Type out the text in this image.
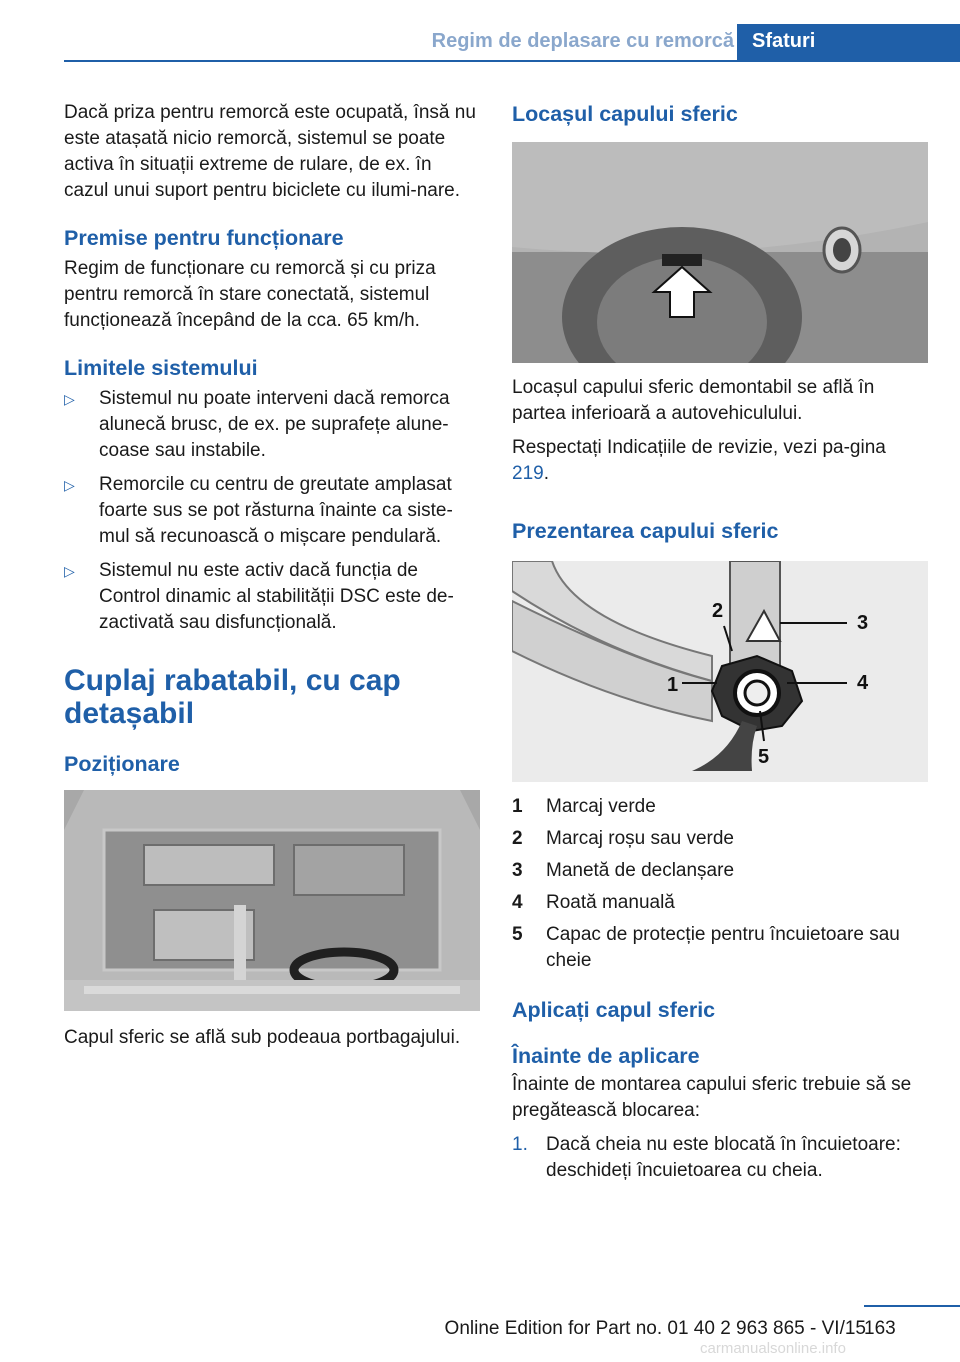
Regim de deplasare cu remorcă Sfaturi

Dacă priza pentru remorcă este ocupată, însă nu este atașată nicio remorcă, sistemul se poate activa în situații extreme de rulare, de ex. în cazul unui suport pentru biciclete cu ilumi‐nare.

Premise pentru funcționare

Regim de funcționare cu remorcă și cu priza pentru remorcă în stare conectată, sistemul funcționează începând de la cca. 65 km/h.

Limitele sistemului
▷ Sistemul nu poate interveni dacă remorca alunecă brusc, de ex. pe suprafețe alune‐coase sau instabile.
▷ Remorcile cu centru de greutate amplasat foarte sus se pot răsturna înainte ca siste‐mul să recunoască o mișcare pendulară.
▷ Sistemul nu este activ dacă funcția de Control dinamic al stabilității DSC este de‐zactivată sau disfuncțională.
Cuplaj rabatabil, cu cap detașabil
Poziționare

Capul sferic se află sub podeaua portbagajului.

Locașul capului sferic

Locașul capului sferic demontabil se află în partea inferioară a autovehiculului.

Respectați Indicațiile de revizie, vezi pa‐gina 219.

Prezentarea capului sferic
2
3
1	4
5
1 Marcaj verde
2 Marcaj roșu sau verde
3 Manetă de declanșare
4 Roată manuală
5 Capac de protecție pentru încuietoare sau cheie
Aplicați capul sferic
Înainte de aplicare

Înainte de montarea capului sferic trebuie să se pregătească blocarea:

1. Dacă cheia nu este blocată în încuietoare: deschideți încuietoarea cu cheia.
163
Online Edition for Part no. 01 40 2 963 865 - VI/15
carmanualsonline.info
